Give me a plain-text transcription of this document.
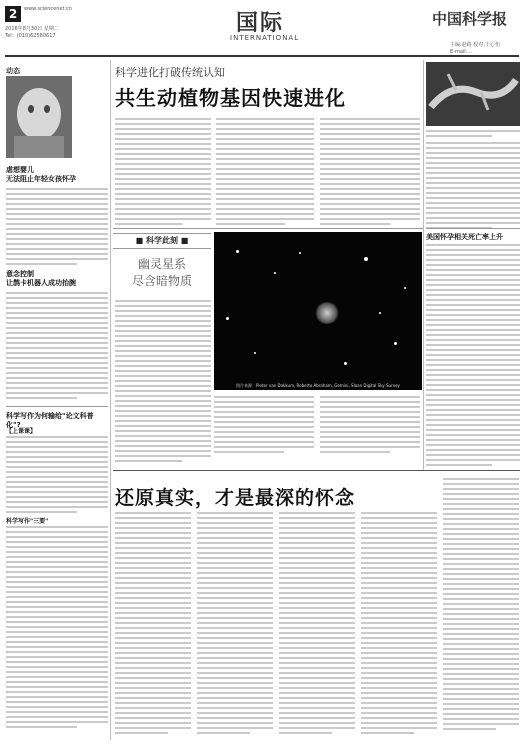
2	www.sciencenet.cn
2016年8月30日 星期二
Tel：(010)62580617	国际
INTERNATIONAL
中国科学报
主编:赵路 校对:王心怡
E-mail:...
动态
虐想婴儿
无法阻止年轻女孩怀孕
意念控制
让鹊卡机器人成功抬腕
科学写作为何输给"论文科普化"?
【上课课】
科学写作"三要"
科学进化打破传统认知
共生动植物基因快速进化
美国怀孕相关死亡率上升
■ 科学此刻 ■
幽灵星系
尽含暗物质
图片来源：Pieter van Dokkum, Roberto Abraham, Gemini, Sloan Digital Sky Survey
还原真实，才是最深的怀念
